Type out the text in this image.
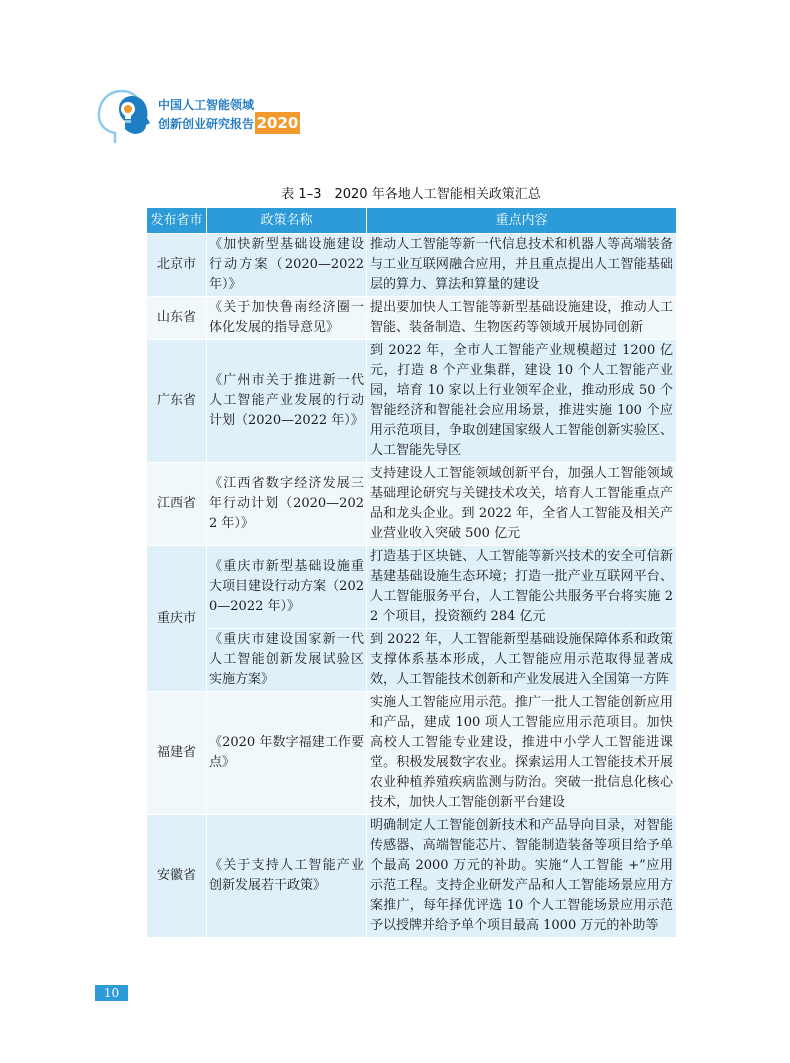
中国人工智能领域
创新创业研究报告 2020
表 1–3　2020 年各地人工智能相关政策汇总
发布省市	政策名称	重点内容
北京市	《加快新型基础设施建设行动方案（2020—2022 年）》	推动人工智能等新一代信息技术和机器人等高端装备与工业互联网融合应用，并且重点提出人工智能基础层的算力、算法和算量的建设
山东省	《关于加快鲁南经济圈一体化发展的指导意见》	提出要加快人工智能等新型基础设施建设，推动人工智能、装备制造、生物医药等领域开展协同创新
广东省	《广州市关于推进新一代人工智能产业发展的行动计划（2020—2022 年）》	到 2022 年，全市人工智能产业规模超过 1200 亿元，打造 8 个产业集群，建设 10 个人工智能产业园，培育 10 家以上行业领军企业，推动形成 50 个智能经济和智能社会应用场景，推进实施 100 个应用示范项目，争取创建国家级人工智能创新实验区、人工智能先导区
江西省	《江西省数字经济发展三年行动计划（2020—2022 年）》	支持建设人工智能领域创新平台，加强人工智能领域基础理论研究与关键技术攻关，培育人工智能重点产品和龙头企业。到 2022 年，全省人工智能及相关产业营业收入突破 500 亿元
重庆市	《重庆市新型基础设施重大项目建设行动方案（2020—2022 年）》	打造基于区块链、人工智能等新兴技术的安全可信新基建基础设施生态环境；打造一批产业互联网平台、人工智能服务平台，人工智能公共服务平台将实施 22 个项目，投资额约 284 亿元
	《重庆市建设国家新一代人工智能创新发展试验区实施方案》	到 2022 年，人工智能新型基础设施保障体系和政策支撑体系基本形成，人工智能应用示范取得显著成效，人工智能技术创新和产业发展进入全国第一方阵
福建省	《2020 年数字福建工作要点》	实施人工智能应用示范。推广一批人工智能创新应用和产品，建成 100 项人工智能应用示范项目。加快高校人工智能专业建设，推进中小学人工智能进课堂。积极发展数字农业。探索运用人工智能技术开展农业种植养殖疾病监测与防治。突破一批信息化核心技术，加快人工智能创新平台建设
安徽省	《关于支持人工智能产业创新发展若干政策》	明确制定人工智能创新技术和产品导向目录，对智能传感器、高端智能芯片、智能制造装备等项目给予单个最高 2000 万元的补助。实施“人工智能 +”应用示范工程。支持企业研发产品和人工智能场景应用方案推广，每年择优评选 10 个人工智能场景应用示范予以授牌并给予单个项目最高 1000 万元的补助等
10
